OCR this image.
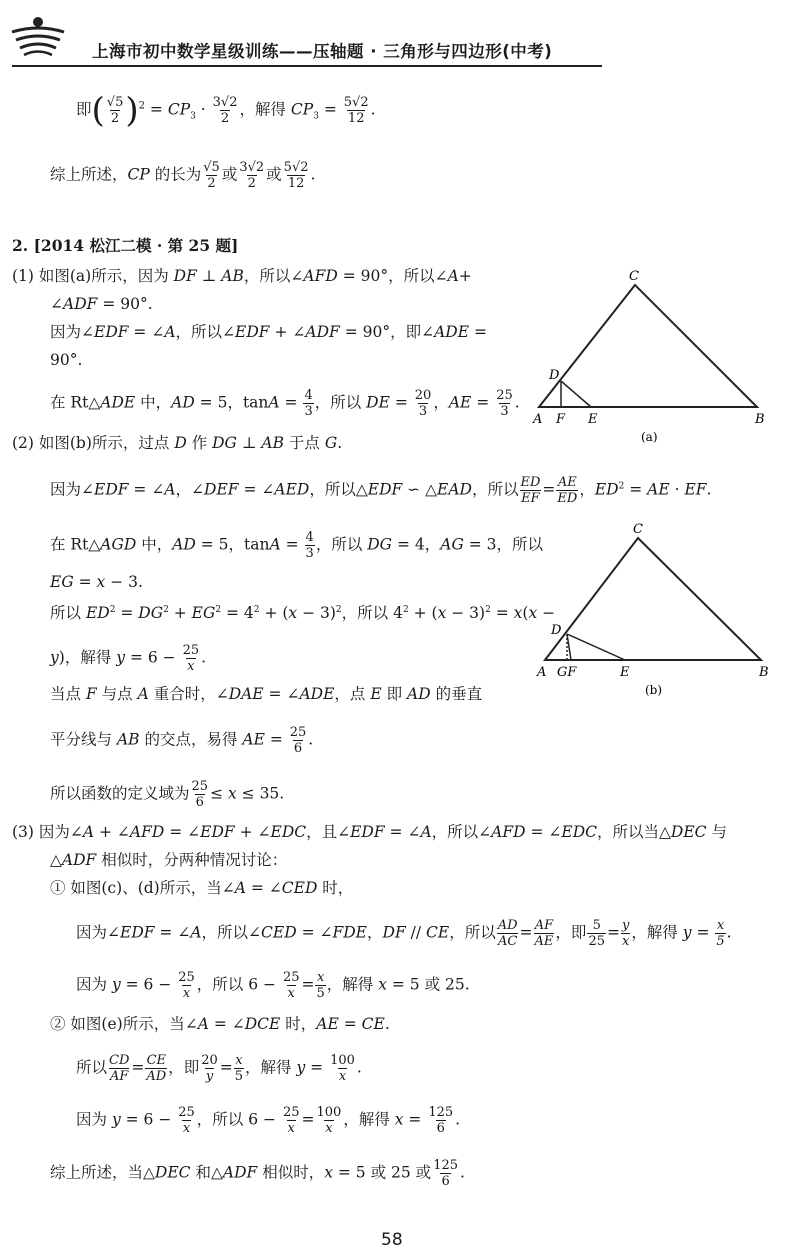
上海市初中数学星级训练——压轴题 · 三角形与四边形(中考)
即( $\frac{√5}{2} )^2 = CP_3 \cdot \frac{3√2}{2}$ ，解得 $CP_3 = \frac{5√2}{12}$ .
综上所述，CP 的长为 $\frac{√5}{2}$ 或 $\frac{3√2}{2}$ 或 $\frac{5√2}{12}$ .
2. [2014 松江二模 · 第 25 题]
(1) 如图(a)所示，因为 DF ⊥ AB，所以∠AFD = 90°，所以∠A+
∠ADF = 90°.
因为∠EDF = ∠A，所以∠EDF + ∠ADF = 90°，即∠ADE =
90°.
在 Rt△ADE 中，AD = 5，$\tan A = \frac{4}{3}$ ，所以 DE = $\frac{20}{3}$ ，AE = $\frac{25}{3}$ .
C
D
A F E	B
(a)
(2) 如图(b)所示，过点 D 作 DG ⊥ AB 于点 G.
因为∠EDF = ∠A，∠DEF = ∠AED，所以△EDF ∽ △EAD，所以 $\frac{ED}{EF} = \frac{AE}{ED}$ ，$ED^2$ = AE · EF.
在 Rt△AGD 中，AD = 5，$\tan A = \frac{4}{3}$ ，所以 DG = 4，AG = 3，所以
EG = x − 3.
所以 $ED^2 = DG^2 + EG^2 = 4^2 + (x - 3)^2$，所以 $4^2 + (x - 3)^2 = x(x$ −
y)，解得 $y = 6 - \frac{25}{x}$ .
当点 F 与点 A 重合时，∠DAE = ∠ADE，点 E 即 AD 的垂直
平分线与 AB 的交点，易得 AE = $\frac{25}{6}$ .
所以函数的定义域为 $\frac{25}{6} \le x \le 35$.
C
D
A GF	E	B
(b)
(3) 因为∠A + ∠AFD = ∠EDF + ∠EDC，且∠EDF = ∠A，所以∠AFD = ∠EDC，所以当△DEC 与
△ADF 相似时，分两种情况讨论：
① 如图(c)、(d)所示，当∠A = ∠CED 时，
因为∠EDF = ∠A，所以∠CED = ∠FDE，DF // CE，所以 $\frac{AD}{AC} = \frac{AF}{AE}$ ，即 $\frac{5}{25} = \frac{y}{x}$ ，解得 $y = \frac{x}{5}$ .
因为 $y = 6 - \frac{25}{x}$ ，所以 $6 - \frac{25}{x} = \frac{x}{5}$ ，解得 x = 5 或 25.
② 如图(e)所示，当∠A = ∠DCE 时，AE = CE.
所以 $\frac{CD}{AF} = \frac{CE}{AD}$ ，即 $\frac{20}{y} = \frac{x}{5}$ ，解得 $y = \frac{100}{x}$ .
因为 $y = 6 - \frac{25}{x}$ ，所以 $6 - \frac{25}{x} = \frac{100}{x}$ ，解得 $x = \frac{125}{6}$ .
综上所述，当△DEC 和△ADF 相似时，x = 5 或 25 或 $\frac{125}{6}$ .
58
